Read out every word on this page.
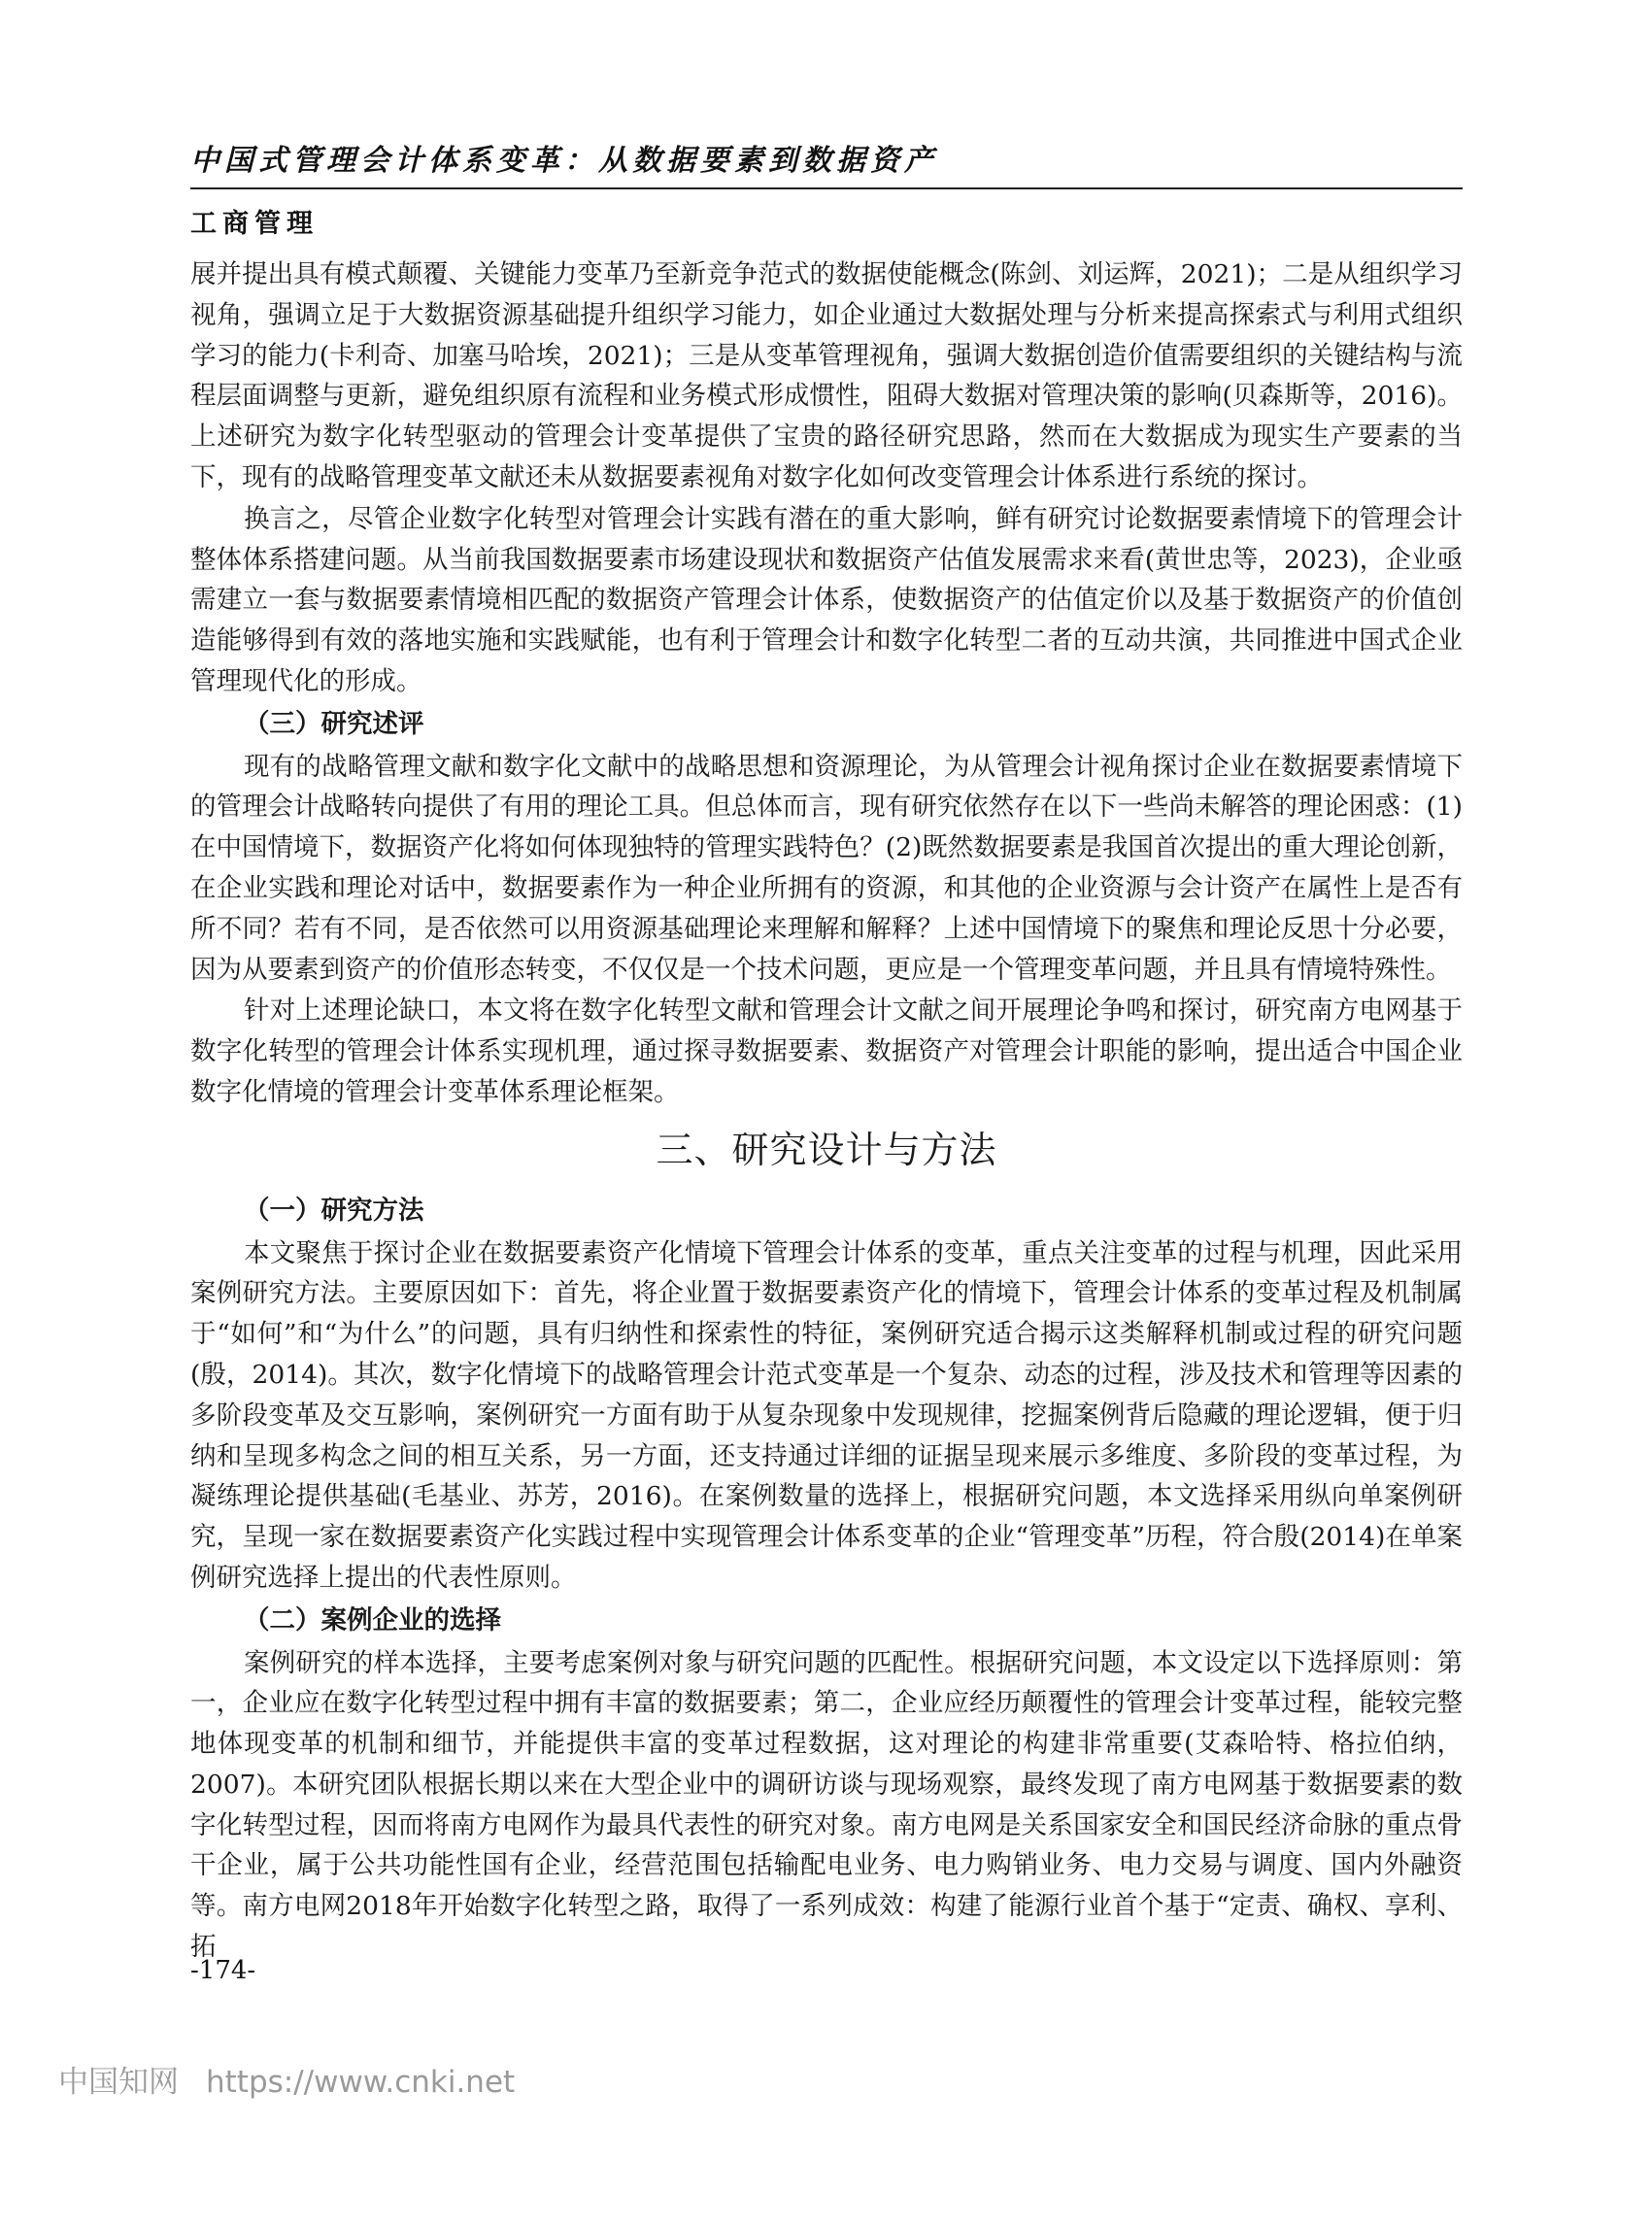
中国式管理会计体系变革：从数据要素到数据资产
工商管理

展并提出具有模式颠覆、关键能力变革乃至新竞争范式的数据使能概念(陈剑、刘运辉，2021)；二是从组织学习视角，强调立足于大数据资源基础提升组织学习能力，如企业通过大数据处理与分析来提高探索式与利用式组织学习的能力(卡利奇、加塞马哈埃，2021)；三是从变革管理视角，强调大数据创造价值需要组织的关键结构与流程层面调整与更新，避免组织原有流程和业务模式形成惯性，阻碍大数据对管理决策的影响(贝森斯等，2016)。上述研究为数字化转型驱动的管理会计变革提供了宝贵的路径研究思路，然而在大数据成为现实生产要素的当下，现有的战略管理变革文献还未从数据要素视角对数字化如何改变管理会计体系进行系统的探讨。

换言之，尽管企业数字化转型对管理会计实践有潜在的重大影响，鲜有研究讨论数据要素情境下的管理会计整体体系搭建问题。从当前我国数据要素市场建设现状和数据资产估值发展需求来看(黄世忠等，2023)，企业亟需建立一套与数据要素情境相匹配的数据资产管理会计体系，使数据资产的估值定价以及基于数据资产的价值创造能够得到有效的落地实施和实践赋能，也有利于管理会计和数字化转型二者的互动共演，共同推进中国式企业管理现代化的形成。

（三）研究述评

现有的战略管理文献和数字化文献中的战略思想和资源理论，为从管理会计视角探讨企业在数据要素情境下的管理会计战略转向提供了有用的理论工具。但总体而言，现有研究依然存在以下一些尚未解答的理论困惑：(1)在中国情境下，数据资产化将如何体现独特的管理实践特色？(2)既然数据要素是我国首次提出的重大理论创新，在企业实践和理论对话中，数据要素作为一种企业所拥有的资源，和其他的企业资源与会计资产在属性上是否有所不同？若有不同，是否依然可以用资源基础理论来理解和解释？上述中国情境下的聚焦和理论反思十分必要，因为从要素到资产的价值形态转变，不仅仅是一个技术问题，更应是一个管理变革问题，并且具有情境特殊性。

针对上述理论缺口，本文将在数字化转型文献和管理会计文献之间开展理论争鸣和探讨，研究南方电网基于数字化转型的管理会计体系实现机理，通过探寻数据要素、数据资产对管理会计职能的影响，提出适合中国企业数字化情境的管理会计变革体系理论框架。

三、研究设计与方法
（一）研究方法

本文聚焦于探讨企业在数据要素资产化情境下管理会计体系的变革，重点关注变革的过程与机理，因此采用案例研究方法。主要原因如下：首先，将企业置于数据要素资产化的情境下，管理会计体系的变革过程及机制属于“如何”和“为什么”的问题，具有归纳性和探索性的特征，案例研究适合揭示这类解释机制或过程的研究问题(殷，2014)。其次，数字化情境下的战略管理会计范式变革是一个复杂、动态的过程，涉及技术和管理等因素的多阶段变革及交互影响，案例研究一方面有助于从复杂现象中发现规律，挖掘案例背后隐藏的理论逻辑，便于归纳和呈现多构念之间的相互关系，另一方面，还支持通过详细的证据呈现来展示多维度、多阶段的变革过程，为凝练理论提供基础(毛基业、苏芳，2016)。在案例数量的选择上，根据研究问题，本文选择采用纵向单案例研究，呈现一家在数据要素资产化实践过程中实现管理会计体系变革的企业“管理变革”历程，符合殷(2014)在单案例研究选择上提出的代表性原则。

（二）案例企业的选择

案例研究的样本选择，主要考虑案例对象与研究问题的匹配性。根据研究问题，本文设定以下选择原则：第一，企业应在数字化转型过程中拥有丰富的数据要素；第二，企业应经历颠覆性的管理会计变革过程，能较完整地体现变革的机制和细节，并能提供丰富的变革过程数据，这对理论的构建非常重要(艾森哈特、格拉伯纳，2007)。本研究团队根据长期以来在大型企业中的调研访谈与现场观察，最终发现了南方电网基于数据要素的数字化转型过程，因而将南方电网作为最具代表性的研究对象。南方电网是关系国家安全和国民经济命脉的重点骨干企业，属于公共功能性国有企业，经营范围包括输配电业务、电力购销业务、电力交易与调度、国内外融资等。南方电网2018年开始数字化转型之路，取得了一系列成效：构建了能源行业首个基于“定责、确权、享利、拓

-174-
中国知网 https://www.cnki.net
